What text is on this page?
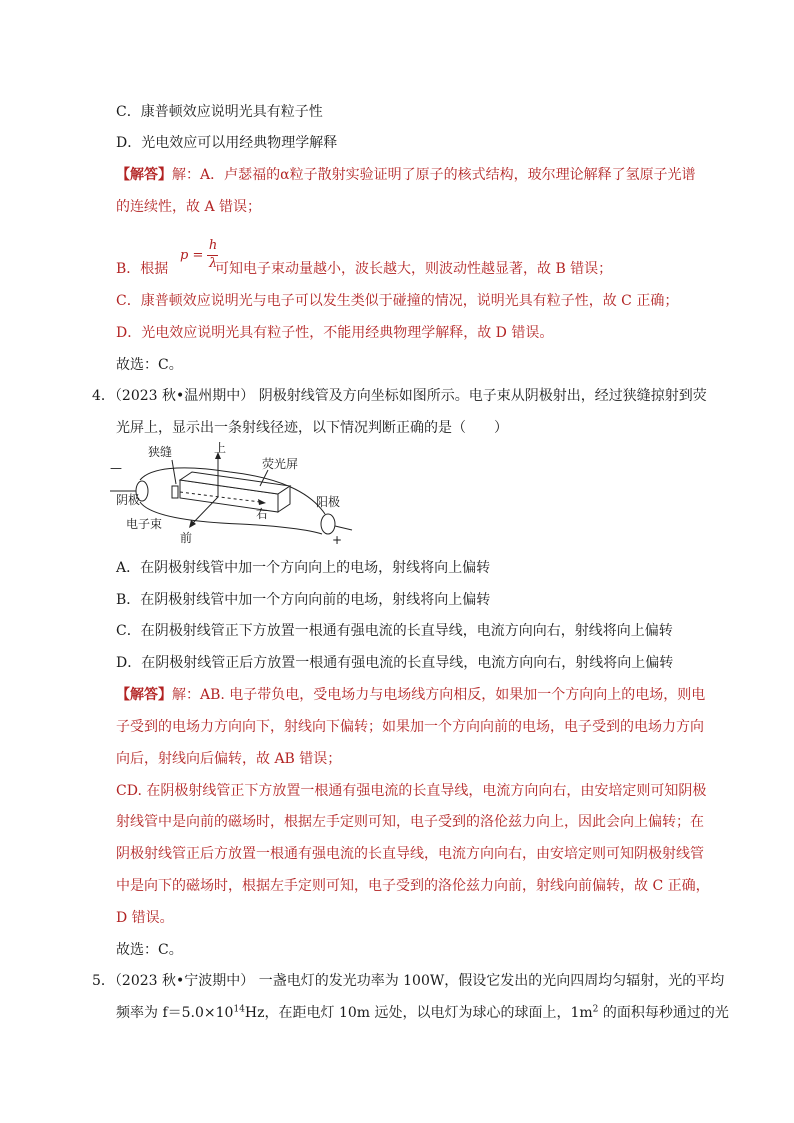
C．康普顿效应说明光具有粒子性
D．光电效应可以用经典物理学解释
【解答】解：A．卢瑟福的α粒子散射实验证明了原子的核式结构，玻尔理论解释了氢原子光谱
的连续性，故 A 错误；
p =
h
λ
B．根据	可知电子束动量越小，波长越大，则波动性越显著，故 B 错误；
C．康普顿效应说明光与电子可以发生类似于碰撞的情况，说明光具有粒子性，故 C 正确；
D．光电效应说明光具有粒子性，不能用经典物理学解释，故 D 错误。
故选：C。
4．（2023 秋•温州期中） 阴极射线管及方向坐标如图所示。电子束从阴极射出，经过狭缝掠射到荧
光屏上，显示出一条射线径迹，以下情况判断正确的是（　　）
—
狭缝	上
荧光屏
阴极	阳极
电子束
右
前	+
A．在阴极射线管中加一个方向向上的电场，射线将向上偏转
B．在阴极射线管中加一个方向向前的电场，射线将向上偏转
C．在阴极射线管正下方放置一根通有强电流的长直导线，电流方向向右，射线将向上偏转
D．在阴极射线管正后方放置一根通有强电流的长直导线，电流方向向右，射线将向上偏转
【解答】解：AB. 电子带负电，受电场力与电场线方向相反，如果加一个方向向上的电场，则电
子受到的电场力方向向下，射线向下偏转；如果加一个方向向前的电场，电子受到的电场力方向
向后，射线向后偏转，故 AB 错误；
CD. 在阴极射线管正下方放置一根通有强电流的长直导线，电流方向向右，由安培定则可知阴极
射线管中是向前的磁场时，根据左手定则可知，电子受到的洛伦兹力向上，因此会向上偏转；在
阴极射线管正后方放置一根通有强电流的长直导线，电流方向向右，由安培定则可知阴极射线管
中是向下的磁场时，根据左手定则可知，电子受到的洛伦兹力向前，射线向前偏转，故 C 正确，
D 错误。
故选：C。
5．（2023 秋•宁波期中） 一盏电灯的发光功率为 100W，假设它发出的光向四周均匀辐射，光的平均
频率为 $f=5.0\times 10^{14}Hz$，在距电灯 10m 远处，以电灯为球心的球面上，$1m^2$ 的面积每秒通过的光
